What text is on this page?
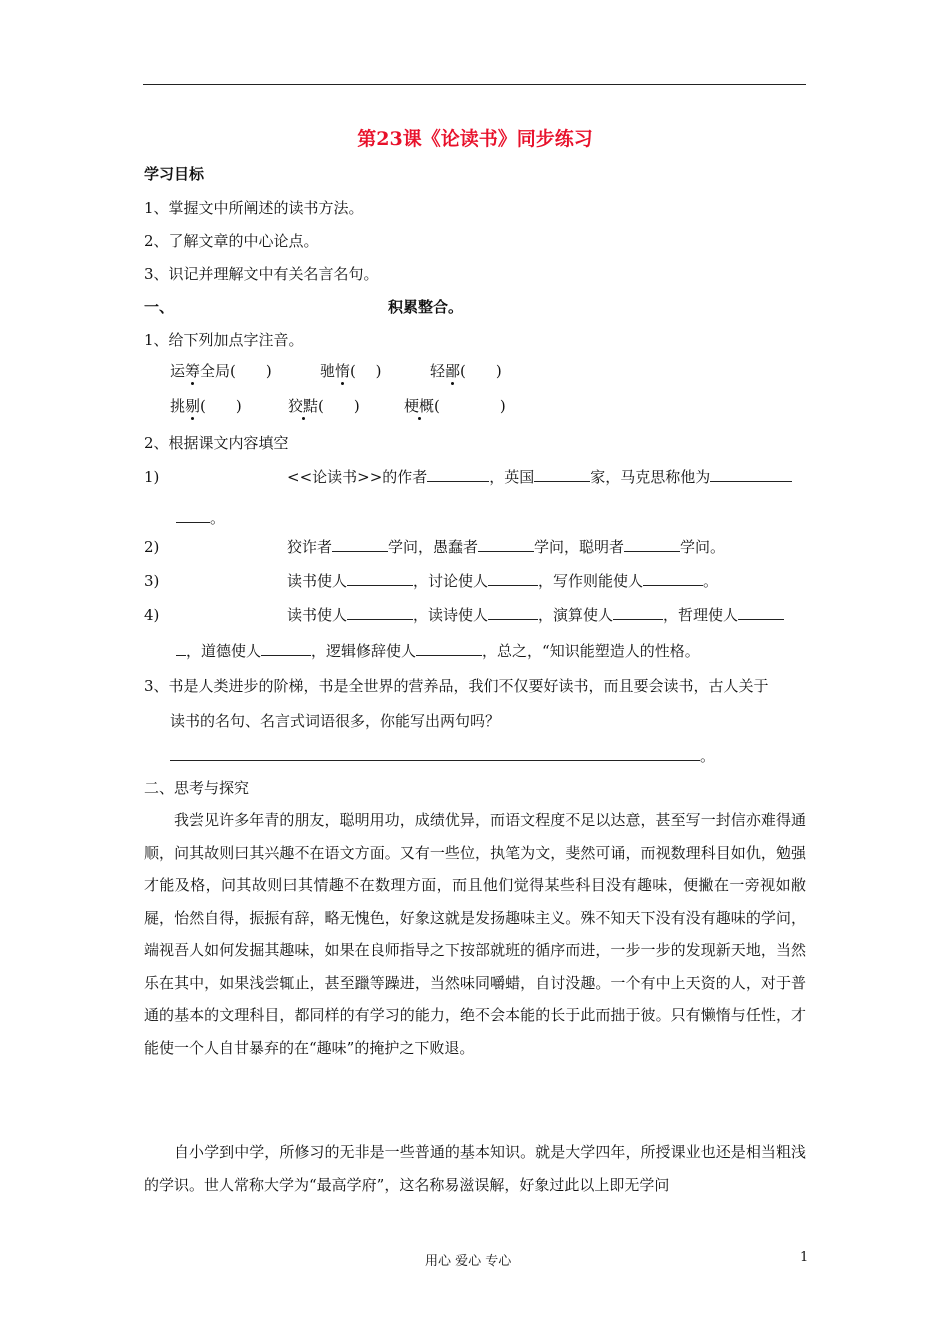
第23课《论读书》同步练习
学习目标
1、掌握文中所阐述的读书方法。
2、了解文章的中心论点。
3、识记并理解文中有关名言名句。
一、	积累整合。
1、给下列加点字注音。
运筹全局(　　)	驰惰(　 )	轻鄙(　　)
挑剔(　　)	狡黠(　　)	梗概(　　　　)
2、根据课文内容填空
1)	<<论读书>>的作者	，英国	家，马克思称他为
。
2)	狡诈者	学问，愚蠢者	学问，聪明者	学问。
3)	读书使人	，讨论使人	，写作则能使人	。
4)	读书使人	，读诗使人	，演算使人	，哲理使人
，道德使人	，逻辑修辞使人	，总之，“知识能塑造人的性格。
3、书是人类进步的阶梯，书是全世界的营养品，我们不仅要好读书，而且要会读书，古人关于
读书的名句、名言式词语很多，你能写出两句吗？
。
二、思考与探究
我尝见许多年青的朋友，聪明用功，成绩优异，而语文程度不足以达意，甚至写一封信亦难得通顺，问其故则曰其兴趣不在语文方面。又有一些位，执笔为文，斐然可诵，而视数理科目如仇，勉强才能及格，问其故则曰其情趣不在数理方面，而且他们觉得某些科目没有趣味，便撇在一旁视如敝屣，怡然自得，振振有辞，略无愧色，好象这就是发扬趣味主义。殊不知天下没有没有趣味的学问，端视吾人如何发掘其趣味，如果在良师指导之下按部就班的循序而进，一步一步的发现新天地，当然乐在其中，如果浅尝辄止，甚至躐等躁进，当然味同嚼蜡，自讨没趣。一个有中上天资的人，对于普通的基本的文理科目，都同样的有学习的能力，绝不会本能的长于此而拙于彼。只有懒惰与任性，才能使一个人自甘暴弃的在“趣味”的掩护之下败退。
自小学到中学，所修习的无非是一些普通的基本知识。就是大学四年，所授课业也还是相当粗浅的学识。世人常称大学为“最高学府”，这名称易滋误解，好象过此以上即无学问
用心 爱心 专心	1
